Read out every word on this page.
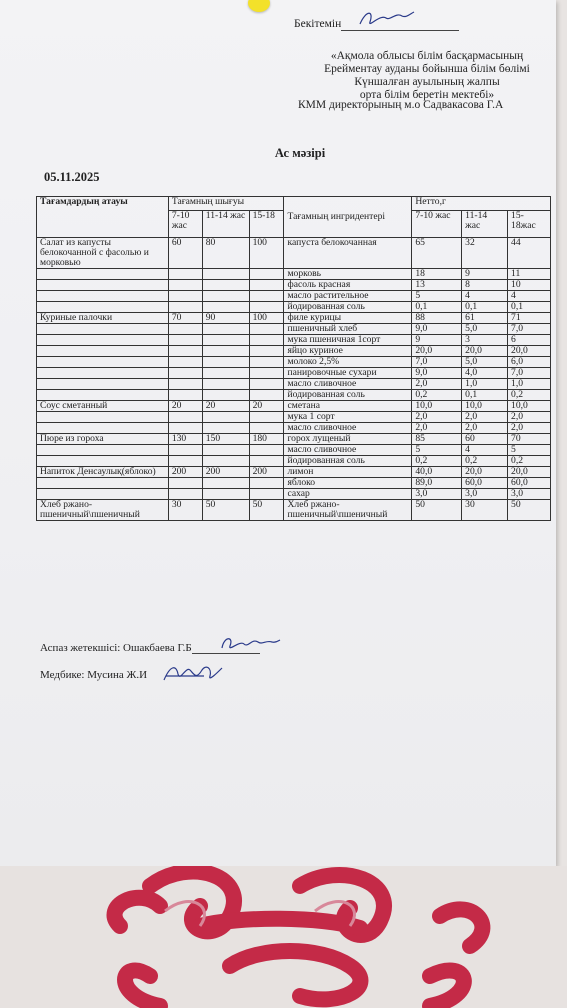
Бекітемін
«Ақмола облысы білім басқармасының
Ерейментау ауданы бойынша білім бөлімі
Күншалған ауылының жалпы
орта білім беретін мектебі»
КММ директорының м.о Садвакасова Г.А
Ас мәзірі
05.11.2025
Тағамдардың атауы	Тағамның шығуы			Тағамның ингридентері	Нетто,г		
	7-10 жас	11-14 жас	15-18		7-10 жас	11-14 жас	15-18жас
Салат из капусты белокочанной с фасолью и морковью	60	80	100	капуста белокочанная	65	32	44
				морковь	18	9	11
				фасоль красная	13	8	10
				масло растительное	5	4	4
				йодированная соль	0,1	0,1	0,1
Куриные палочки	70	90	100	филе курицы	88	61	71
				пшеничный хлеб	9,0	5,0	7,0
				мука пшеничная 1сорт	9	3	6
				яйцо куриное	20,0	20,0	20,0
				молоко 2,5%	7,0	5,0	6,0
				панировочные сухари	9,0	4,0	7,0
				масло сливочное	2,0	1,0	1,0
				йодированная соль	0,2	0,1	0,2
Соус сметанный	20	20	20	сметана	10,0	10,0	10,0
				мука 1 сорт	2,0	2,0	2,0
				масло сливочное	2,0	2,0	2,0
Пюре из гороха	130	150	180	горох лущеный	85	60	70
				масло сливочное	5	4	5
				йодированная соль	0,2	0,2	0,2
Напиток Денсаулық(яблоко)	200	200	200	лимон	40,0	20,0	20,0
				яблоко	89,0	60,0	60,0
				сахар	3,0	3,0	3,0
Хлеб ржано-пшеничный\пшеничный	30	50	50	Хлеб ржано-пшеничный\пшеничный	50	30	50
Аспаз жетекшісі: Ошакбаева Г.Б
Медбике: Мусина Ж.И
